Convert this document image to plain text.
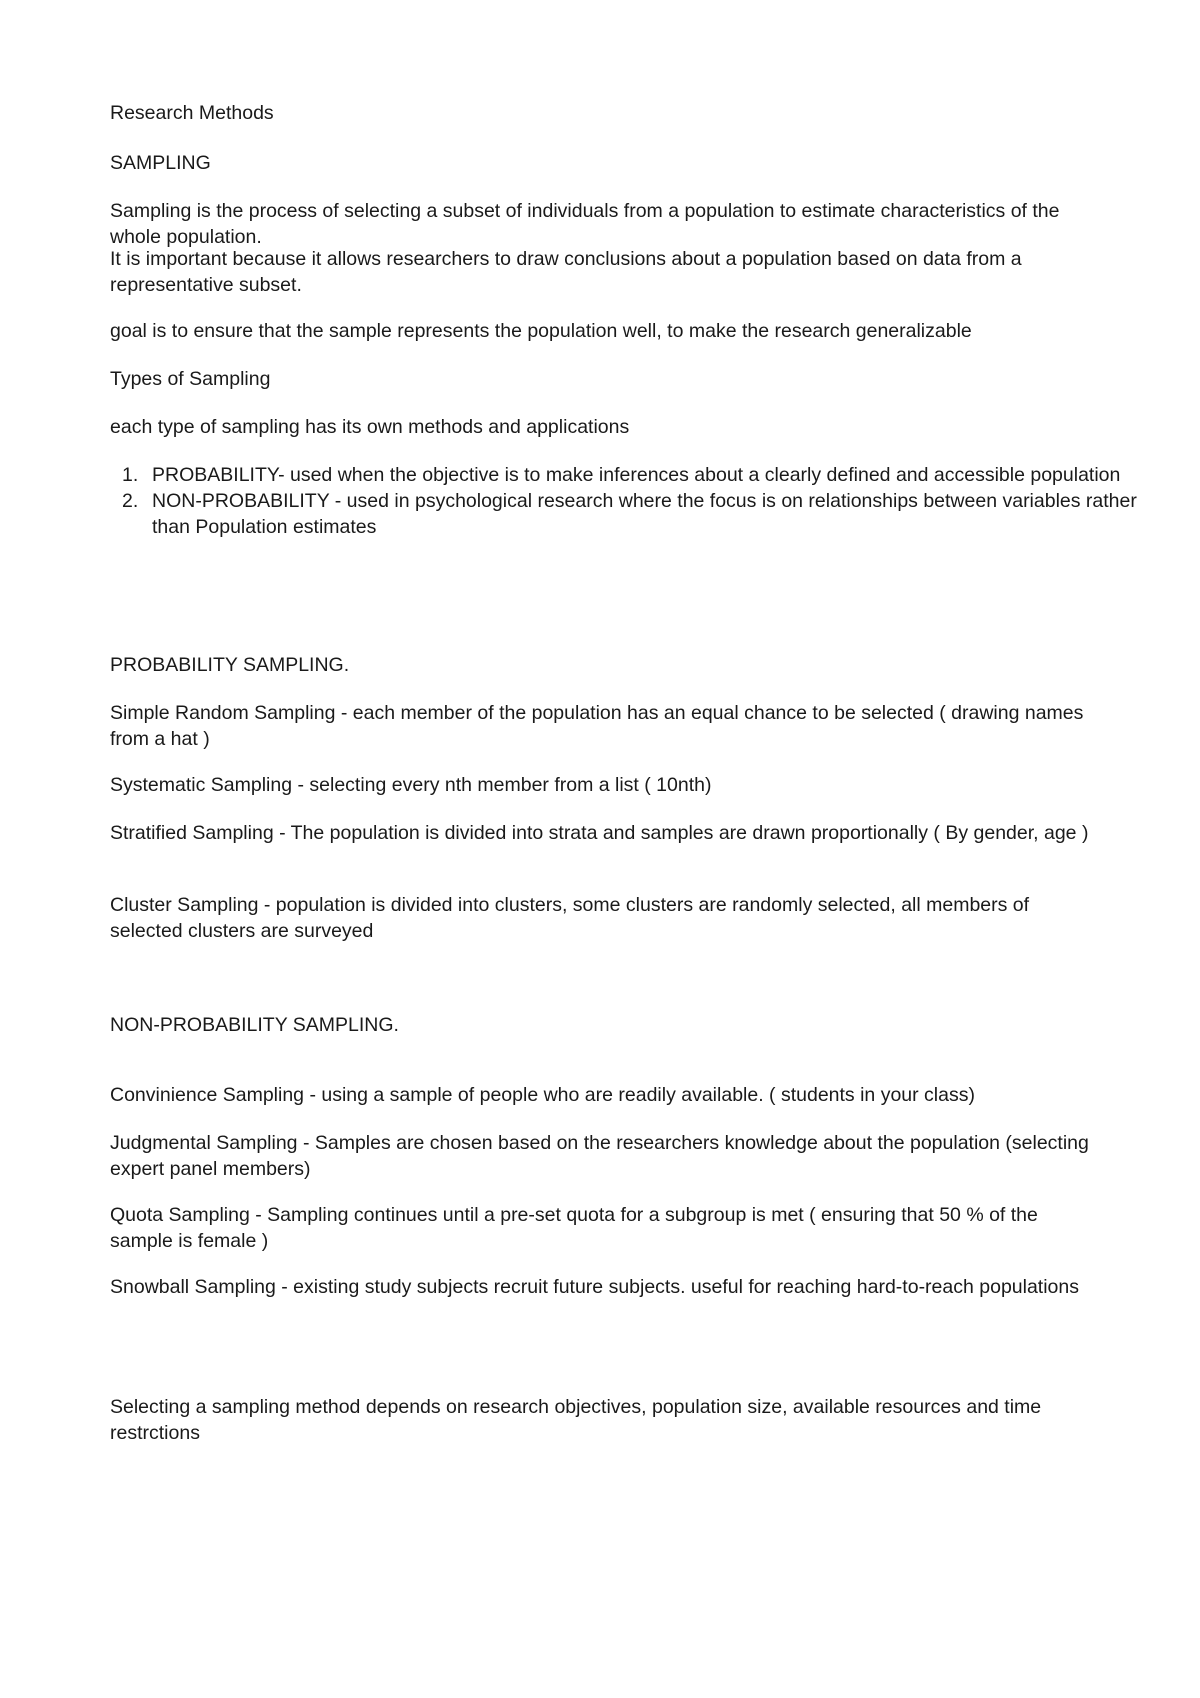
Research Methods

SAMPLING

Sampling is the process of selecting a subset of individuals from a population to estimate characteristics of the whole population.

It is important because it allows researchers to draw conclusions about a population based on data from a representative subset.

goal is to ensure that the sample represents the population well, to make the research generalizable

Types of Sampling

each type of sampling has its own methods and applications

1. PROBABILITY- used when the objective is to make inferences about a clearly defined and accessible population
2. NON-PROBABILITY - used in psychological research where the focus is on relationships between variables rather than Population estimates

PROBABILITY SAMPLING.

Simple Random Sampling - each member of the population has an equal chance to be selected ( drawing names from a hat )

Systematic Sampling - selecting every nth member from a list ( 10nth)

Stratified Sampling - The population is divided into strata and samples are drawn proportionally ( By gender, age )

Cluster Sampling - population is divided into clusters, some clusters are randomly selected, all members of selected clusters are surveyed

NON-PROBABILITY SAMPLING.

Convinience Sampling - using a sample of people who are readily available. ( students in your class)

Judgmental Sampling - Samples are chosen based on the researchers knowledge about the population (selecting expert panel members)

Quota Sampling - Sampling continues until a pre-set quota for a subgroup is met ( ensuring that 50 % of the sample is female )

Snowball Sampling - existing study subjects recruit future subjects. useful for reaching hard-to-reach populations

Selecting a sampling method depends on research objectives, population size, available resources and time restrctions
